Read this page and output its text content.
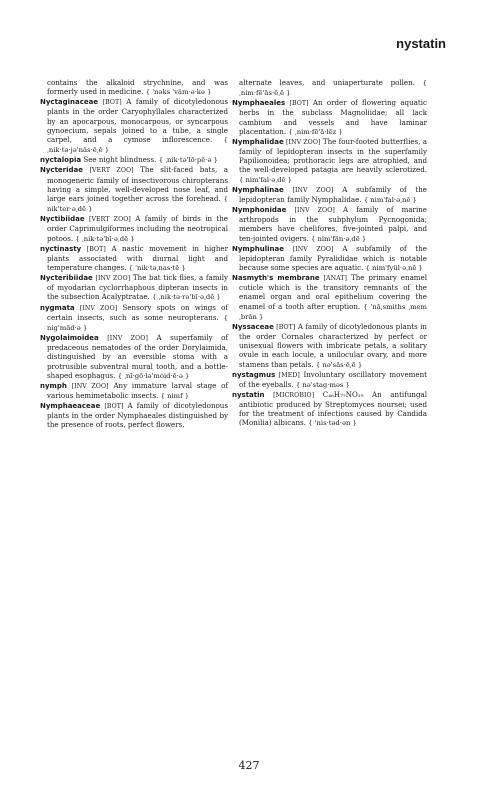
nystatin

contains the alkaloid strychnine, and was formerly used in medicine. { 'nəks 'väm·ə·kə }

Nyctaginaceae [BOT] A family of dicotyledonous plants in the order Caryophyllales characterized by an apocarpous, monocarpous, or syncarpous gynoecium, sepals joined to a tube, a single carpel, and a cymose inflorescence. { ˌnik·tə·jə'nās·ēˌē }

nyctalopia See night blindness. { ˌnik·tə'lō·pē·ə }

Nycteridae [VERT ZOO] The slit-faced bats, a monogeneric family of insectivorous chiropterans having a simple, well-developed nose leaf, and large ears joined together across the forehead. { nik'ter·əˌdē }

Nyctibiidae [VERT ZOO] A family of birds in the order Caprimulgiformes including the neotropical potoos. { ˌnik·tə'bī·əˌdē }

nyctinasty [BOT] A nastic movement in higher plants associated with diurnal light and temperature changes. { 'nik·təˌnas·tē }

Nycteribiidae [INV ZOO] The bat tick flies, a family of myodarian cyclorrhaphous dipteran insects in the subsection Acalyptratae. { ˌnik·tə·rə'bī·əˌdē }

nygmata [INV ZOO] Sensory spots on wings of certain insects, such as some neuropterans. { nig'mäd·ə }

Nygolaimoidea [INV ZOO] A superfamily of predaceous nematodes of the order Dorylaimida, distinguished by an eversible stoma with a protrusible subventral mural tooth, and a bottle-shaped esophagus. { ˌnī·gō·lə'mȯid·ē·ə }

nymph [INV ZOO] Any immature larval stage of various hemimetabolic insects. { nimf }

Nymphaeaceae [BOT] A family of dicotyledonous plants in the order Nymphaeales distinguished by the presence of roots, perfect flowers,

alternate leaves, and uniaperturate pollen. { ˌnim·fē'ās·ēˌē }

Nymphaeales [BOT] An order of flowering aquatic herbs in the subclass Magnoliidae; all lack cambium and vessels and have laminar placentation. { ˌnim·fē'ā·lēz }

Nymphalidae [INV ZOO] The four-footed butterflies, a family of lepidopteran insects in the superfamily Papilionoidea; prothoracic legs are atrophied, and the well-developed patagia are heavily sclerotized. { nim'fal·əˌdē }

Nymphalinae [INV ZOO] A subfamily of the lepidopteran family Nymphalidae. { nim'fal·əˌnē }

Nymphonidae [INV ZOO] A family of marine arthropods in the subphylum Pycnogonida; members have chelifores, five-jointed palpi, and ten-jointed ovigers. { nim'fän·əˌdē }

Nymphulinae [INV ZOO] A subfamily of the lepidopteran family Pyralididae which is notable because some species are aquatic. { nim'fyül·əˌnē }

Nasmyth's membrane [ANAT] The primary enamel cuticle which is the transitory remnants of the enamel organ and oral epithelium covering the enamel of a tooth after eruption. { 'nāˌsmiths ˌmemˌbrān }

Nyssaceae [BOT] A family of dicotyledonous plants in the order Cornales characterized by perfect or unisexual flowers with imbricate petals, a solitary ovule in each locule, a unilocular ovary, and more stamens than petals. { nə'sās·ēˌē }

nystagmus [MED] Involuntary oscillatory movement of the eyeballs. { nə'stag·məs }

nystatin [MICROBIO] C₄₆H₇₇NO₁₉ An antifungal antibiotic produced by Streptomyces noursei; used for the treatment of infections caused by Candida (Monilia) albicans. { 'nis·təd·ən }

427
